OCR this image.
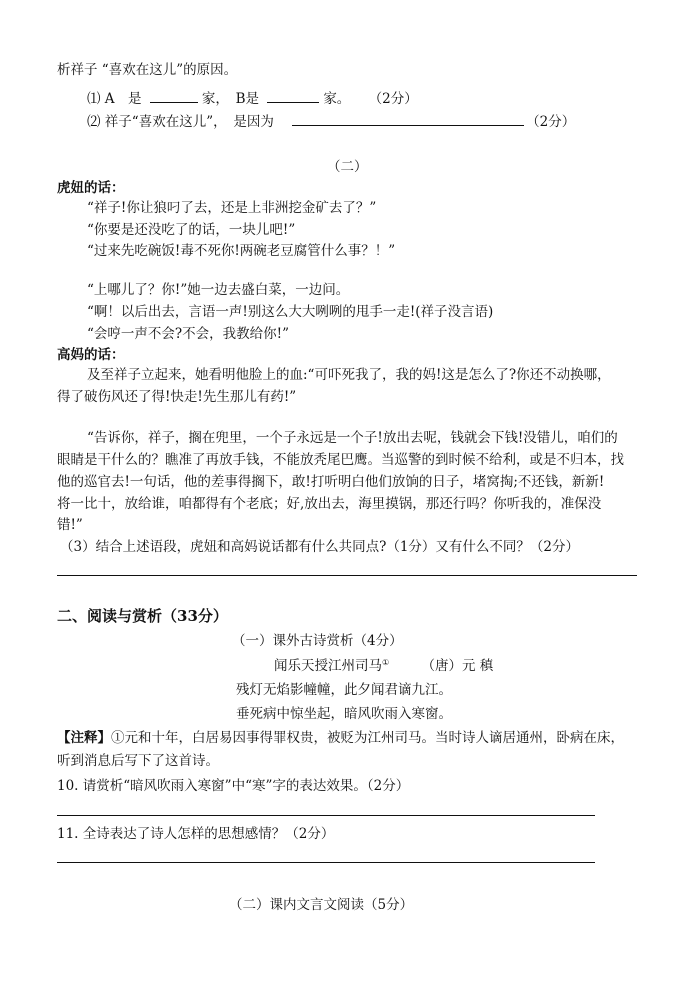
析祥子 “喜欢在这儿”的原因。
⑴ A　是	家，　B是	家。 （2分）
⑵ 祥子“喜欢在这儿”，　是因为	（2分）
（二）
虎妞的话：
“祥子!你让狼叼了去，还是上非洲挖金矿去了？”
“你要是还没吃了的话，一块儿吧!”
“过来先吃碗饭!毒不死你!两碗老豆腐管什么事？！”
“上哪儿了？你!”她一边去盛白菜，一边问。
“啊！以后出去，言语一声!别这么大大咧咧的甩手一走!(祥子没言语)
“会哼一声不会?不会，我教给你!”
高妈的话：
及至祥子立起来，她看明他脸上的血:“可吓死我了，我的妈!这是怎么了?你还不动换哪，
得了破伤风还了得!快走!先生那儿有药!”
“告诉你，祥子，搁在兜里，一个子永远是一个子!放出去呢，钱就会下钱!没错儿，咱们的
眼睛是干什么的？瞧准了再放手钱，不能放秃尾巴鹰。当巡警的到时候不给利，或是不归本，找
他的巡官去!一句话，他的差事得搁下，敢!打听明白他们放饷的日子，堵窝掏;不还钱，新新!
将一比十，放给谁，咱都得有个老底；好,放出去，海里摸锅，那还行吗？你听我的，准保没
错!”
（3）结合上述语段，虎妞和高妈说话都有什么共同点?（1分）又有什么不同？（2分）
二、阅读与赏析（33分）
（一）课外古诗赏析（4分）
闻乐天授江州司马① （唐）元 稹
残灯无焰影幢幢，此夕闻君谪九江。
垂死病中惊坐起，暗风吹雨入寒窗。
【注释】①元和十年，白居易因事得罪权贵，被贬为江州司马。当时诗人谪居通州，卧病在床，
听到消息后写下了这首诗。
10. 请赏析“暗风吹雨入寒窗”中“寒”字的表达效果。（2分）
11. 全诗表达了诗人怎样的思想感情？（2分）
（二）课内文言文阅读（5分）
